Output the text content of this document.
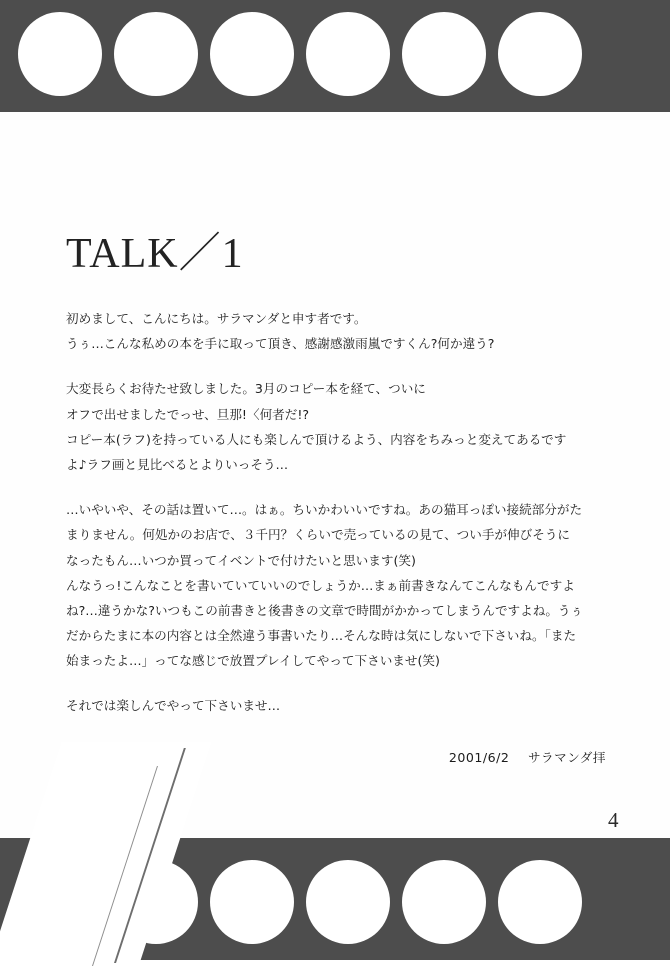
TALK／1

初めまして、こんにちは。サラマンダと申す者です。

うぅ…こんな私めの本を手に取って頂き、感謝感激雨嵐ですくん?何か違う?

大変長らくお待たせ致しました。3月のコピー本を経て、ついに

オフで出せましたでっせ、旦那!〈何者だ!?

コピー本(ラフ)を持っている人にも楽しんで頂けるよう、内容をちみっと変えてあるです

よ♪ラフ画と見比べるとよりいっそう…

…いやいや、その話は置いて…。はぁ。ちいかわいいですね。あの猫耳っぽい接続部分がた

まりません。何処かのお店で、３千円？くらいで売っているの見て、つい手が伸びそうに

なったもん…いつか買ってイベントで付けたいと思います(笑)

んなうっ!こんなことを書いていていいのでしょうか…まぁ前書きなんてこんなもんですよ

ね?…違うかな?いつもこの前書きと後書きの文章で時間がかかってしまうんですよね。うぅ

だからたまに本の内容とは全然違う事書いたり…そんな時は気にしないで下さいね。「また

始まったよ…」ってな感じで放置プレイしてやって下さいませ(笑)

それでは楽しんでやって下さいませ…

2001/6/2 サラマンダ拝
4
